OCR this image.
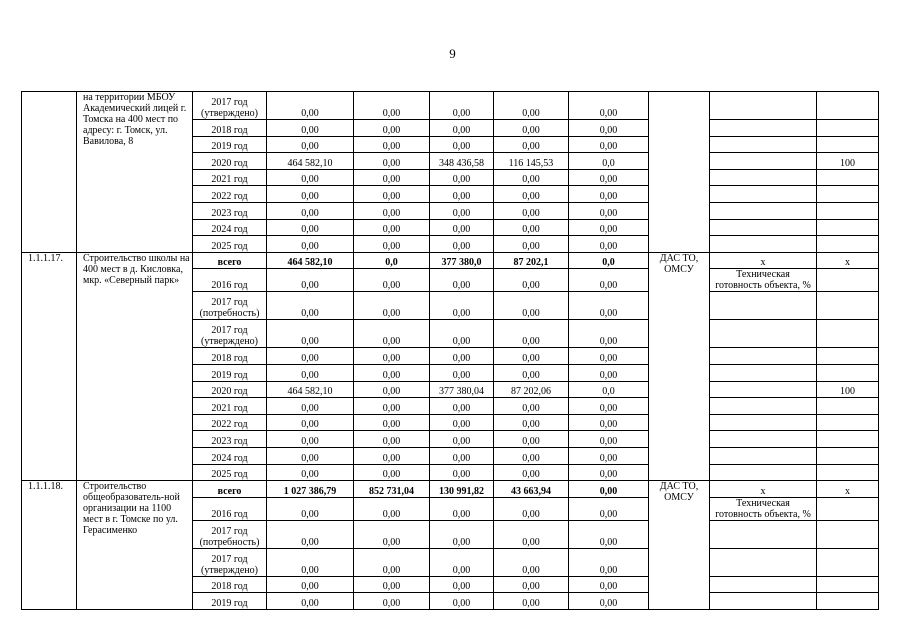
9
	на территории МБОУ Академический лицей г. Томска на 400 мест по адресу: г. Томск, ул. Вавилова, 8	2017 год (утверждено)	0,00	0,00	0,00	0,00	0,00			
		2018 год	0,00	0,00	0,00	0,00	0,00			
		2019 год	0,00	0,00	0,00	0,00	0,00			
		2020 год	464 582,10	0,00	348 436,58	116 145,53	0,0			100
		2021 год	0,00	0,00	0,00	0,00	0,00			
		2022 год	0,00	0,00	0,00	0,00	0,00			
		2023 год	0,00	0,00	0,00	0,00	0,00			
		2024 год	0,00	0,00	0,00	0,00	0,00			
		2025 год	0,00	0,00	0,00	0,00	0,00			
1.1.1.17.	Строительство школы на 400 мест в д. Кисловка, мкр. «Северный парк»	всего	464 582,10	0,0	377 380,0	87 202,1	0,0	ДАС ТО, ОМСУ	x	x
		2016 год	0,00	0,00	0,00	0,00	0,00		Техническая готовность объекта, %	
		2017 год (потребность)	0,00	0,00	0,00	0,00	0,00			
		2017 год (утверждено)	0,00	0,00	0,00	0,00	0,00			
		2018 год	0,00	0,00	0,00	0,00	0,00			
		2019 год	0,00	0,00	0,00	0,00	0,00			
		2020 год	464 582,10	0,00	377 380,04	87 202,06	0,0			100
		2021 год	0,00	0,00	0,00	0,00	0,00			
		2022 год	0,00	0,00	0,00	0,00	0,00			
		2023 год	0,00	0,00	0,00	0,00	0,00			
		2024 год	0,00	0,00	0,00	0,00	0,00			
		2025 год	0,00	0,00	0,00	0,00	0,00			
1.1.1.18.	Строительство общеобразователь-ной организации на 1100 мест в г. Томске по ул. Герасименко	всего	1 027 386,79	852 731,04	130 991,82	43 663,94	0,00	ДАС ТО, ОМСУ	x	x
		2016 год	0,00	0,00	0,00	0,00	0,00		Техническая готовность объекта, %	
		2017 год (потребность)	0,00	0,00	0,00	0,00	0,00			
		2017 год (утверждено)	0,00	0,00	0,00	0,00	0,00			
		2018 год	0,00	0,00	0,00	0,00	0,00			
		2019 год	0,00	0,00	0,00	0,00	0,00			
